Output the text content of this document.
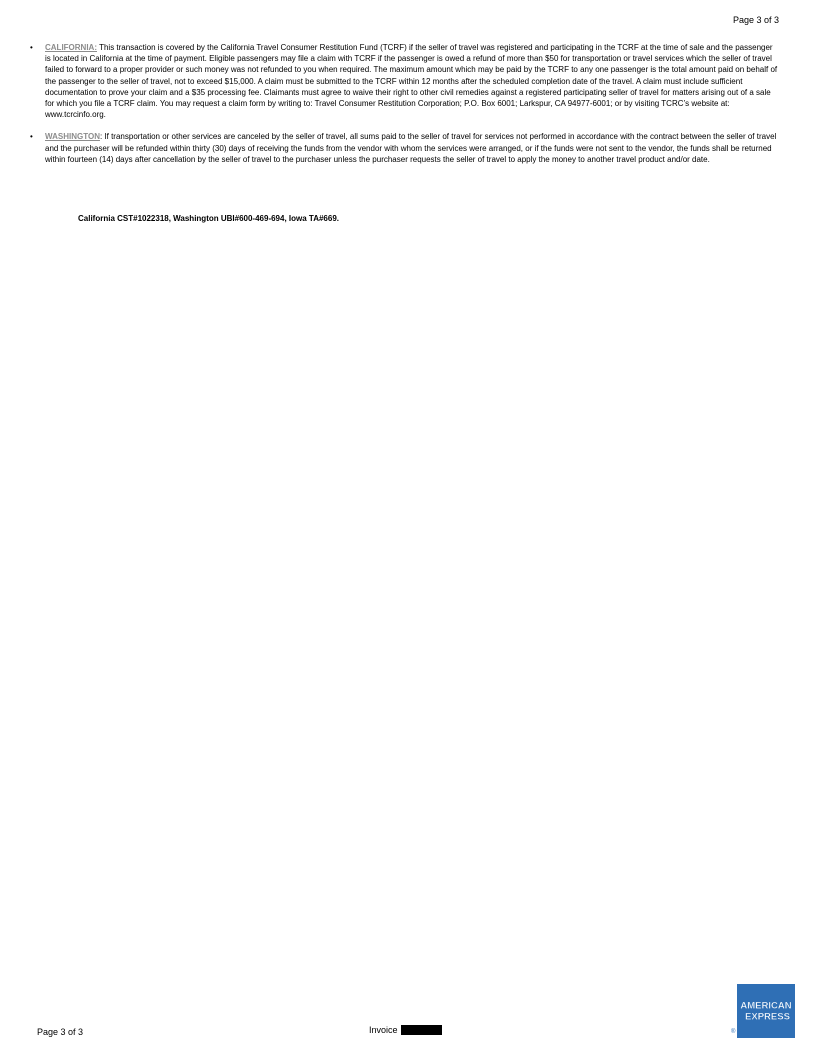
Page 3 of 3
• CALIFORNIA: This transaction is covered by the California Travel Consumer Restitution Fund (TCRF) if the seller of travel was registered and participating in the TCRF at the time of sale and the passenger is located in California at the time of payment. Eligible passengers may file a claim with TCRF if the passenger is owed a refund of more than $50 for transportation or travel services which the seller of travel failed to forward to a proper provider or such money was not refunded to you when required. The maximum amount which may be paid by the TCRF to any one passenger is the total amount paid on behalf of the passenger to the seller of travel, not to exceed $15,000. A claim must be submitted to the TCRF within 12 months after the scheduled completion date of the travel. A claim must include sufficient documentation to prove your claim and a $35 processing fee. Claimants must agree to waive their right to other civil remedies against a registered participating seller of travel for matters arising out of a sale for which you file a TCRF claim. You may request a claim form by writing to: Travel Consumer Restitution Corporation; P.O. Box 6001; Larkspur, CA 94977-6001; or by visiting TCRC’s website at: www.tcrcinfo.org.
• WASHINGTON: If transportation or other services are canceled by the seller of travel, all sums paid to the seller of travel for services not performed in accordance with the contract between the seller of travel and the purchaser will be refunded within thirty (30) days of receiving the funds from the vendor with whom the services were arranged, or if the funds were not sent to the vendor, the funds shall be returned within fourteen (14) days after cancellation by the seller of travel to the purchaser unless the purchaser requests the seller of travel to apply the money to another travel product and/or date.
California CST#1022318, Washington UBI#600-469-694, Iowa TA#669.
Page 3 of 3	Invoice
AMERICAN
EXPRESS
®
